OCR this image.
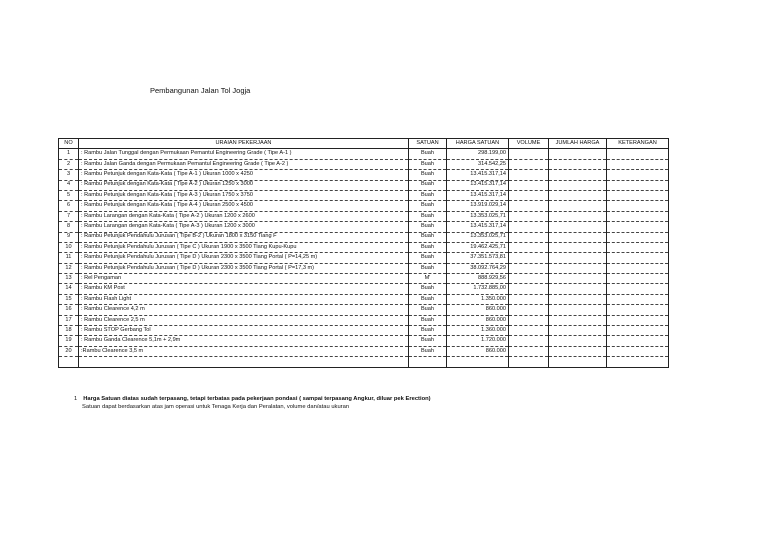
Pembangunan Jalan Tol Jogja
NO	URAIAN PEKERJAAN	SATUAN	HARGA SATUAN	VOLUME	JUMLAH HARGA	KETERANGAN
1	: Rambu Jalan Tunggal dengan Permukaan Pemantul Engineering Grade ( Tipe A-1 )	Buah	298.199,00			
2	: Rambu Jalan Ganda dengan Permukaan Pemantul Engineering Grade ( Tipe A-2 )	Buah	314.542,25			
3	: Rambu Petunjuk dengan Kata-Kata ( Tipe A-1 ) Ukuran 1000 x 4250	Buah	13.415.317,14			
4	: Rambu Petunjuk dengan Kata-Kata ( Tipe A-2 ) Ukuran 1250 x 3000	Buah	13.415.317,14			
5	: Rambu Petunjuk dengan Kata-Kata ( Tipe A-3 ) Ukuran 1750 x 3750	Buah	13.415.317,14			
6	: Rambu Petunjuk dengan Kata-Kata ( Tipe A-4 ) Ukuran 2500 x 4500	Buah	13.919.029,14			
7	: Rambu Larangan dengan Kata-Kata ( Tipe A-2 ) Ukuran 1200 x 2600	Buah	13.353.025,71			
8	: Rambu Larangan dengan Kata-Kata ( Tipe A-3 ) Ukuran 1200 x 3000	Buah	13.415.317,14			
9	: Rambu Petunjuk Pendahulu Jurusan ( Tipe B-2 ) Ukuran 1800 x 3150 Tiang F	Buah	13.353.025,71			
10	: Rambu Petunjuk Pendahulu Jurusan ( Tipe C ) Ukuran 1900 x 3500 Tiang Kupu-Kupu	Buah	19.462.425,71			
11	: Rambu Petunjuk Pendahulu Jurusan ( Tipe D ) Ukuran 2300 x 3500 Tiang Portal ( P=14,25 m)	Buah	37.351.573,81			
12	: Rambu Petunjuk Pendahulu Jurusan ( Tipe D ) Ukuran 2300 x 3500 Tiang Portal ( P=17,3 m)	Buah	38.092.764,29			
13	: Rel Pengaman	M'	888.929,56			
14	: Rambu KM Post	Buah	1.732.885,00			
15	: Rambu Flash Light	Buah	1.350.000			
16	: Rambu Clearence 4,2 m	Buah	860.000			
17	: Rambu Clearence 2,5 m	Buah	860.000			
18	: Rambu STOP Gerbang Tol	Buah	1.360.000			
19	: Rambu Ganda Clearence 5,1m + 2,9m	Buah	1.720.000			
20	:Rambu Clearence 3,5 m	Buah	860.000			

1 Harga Satuan diatas sudah terpasang, tetapi terbatas pada pekerjaan pondasi ( sampai terpasang Angkur, diluar pek Erection)
Satuan dapat berdasarkan atas jam operasi untuk Tenaga Kerja dan Peralatan, volume dan/atau ukuran
